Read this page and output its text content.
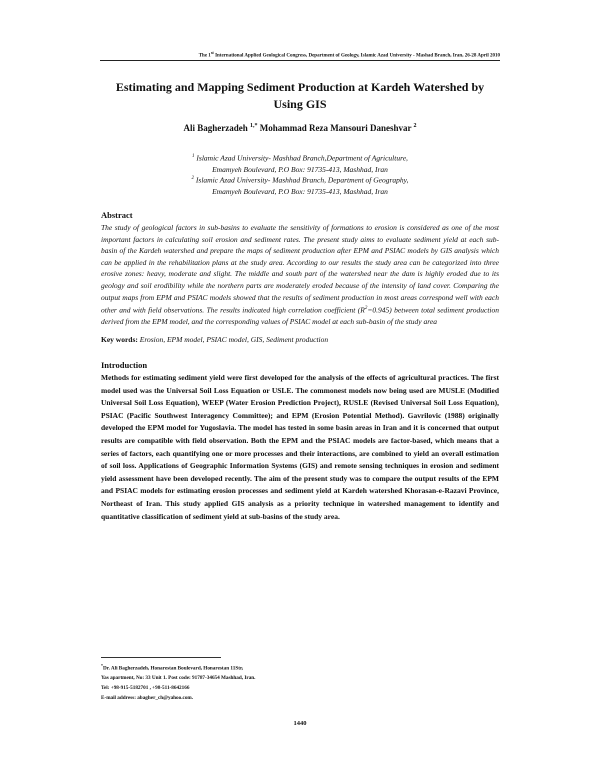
The 1st International Applied Geological Congress, Department of Geology, Islamic Azad University - Mashad Branch, Iran, 26-28 April 2010
Estimating and Mapping Sediment Production at Kardeh Watershed by
Using GIS
Ali Bagherzadeh $^{1,*}$ Mohammad Reza Mansouri Daneshvar $^2$
$^1$ Islamic Azad University- Mashhad Branch,Department of Agriculture,
Emamyeh Boulevard, P.O Box: 91735-413, Mashhad, Iran
$^2$ Islamic Azad University- Mashhad Branch, Department of Geography,
Emamyeh Boulevard, P.O Box: 91735-413, Mashhad, Iran
Abstract
The study of geological factors in sub-basins to evaluate the sensitivity of formations to erosion is considered as one of the most important factors in calculating soil erosion and sediment rates. The present study aims to evaluate sediment yield at each sub-basin of the Kardeh watershed and prepare the maps of sediment production after EPM and PSIAC models by GIS analysis which can be applied in the rehabilitation plans at the study area. According to our results the study area can be categorized into three erosive zones: heavy, moderate and slight. The middle and south part of the watershed near the dam is highly eroded due to its geology and soil erodibility while the northern parts are moderately eroded because of the intensity of land cover. Comparing the output maps from EPM and PSIAC models showed that the results of sediment production in most areas correspond well with each other and with field observations. The results indicated high correlation coefficient $(R^2=0.945)$ between total sediment production derived from the EPM model, and the corresponding values of PSIAC model at each sub-basin of the study area
Key words: Erosion, EPM model, PSIAC model, GIS, Sediment production
Introduction
Methods for estimating sediment yield were first developed for the analysis of the effects of agricultural practices. The first model used was the Universal Soil Loss Equation or USLE. The commonest models now being used are MUSLE (Modified Universal Soil Loss Equation), WEEP (Water Erosion Prediction Project), RUSLE (Revised Universal Soil Loss Equation), PSIAC (Pacific Southwest Interagency Committee); and EPM (Erosion Potential Method). Gavrilovic (1988) originally developed the EPM model for Yugoslavia. The model has tested in some basin areas in Iran and it is concerned that output results are compatible with field observation. Both the EPM and the PSIAC models are factor-based, which means that a series of factors, each quantifying one or more processes and their interactions, are combined to yield an overall estimation of soil loss. Applications of Geographic Information Systems (GIS) and remote sensing techniques in erosion and sediment yield assessment have been developed recently. The aim of the present study was to compare the output results of the EPM and PSIAC models for estimating erosion processes and sediment yield at Kardeh watershed Khorasan-e-Razavi Province, Northeast of Iran. This study applied GIS analysis as a priority technique in watershed management to identify and quantitative classification of sediment yield at sub-basins of the study area.
*Dr. Ali Bagherzadeh, Honarestan Boulevard, Honarestan 11Str,
Yas apartment, No: 33 Unit 1. Post code: 91787-34654 Mashhad, Iran.
Tel: +98-915-5182701 , +98-511-8642166
E-mail address: abagher_ch@yahoo.com.
1440
